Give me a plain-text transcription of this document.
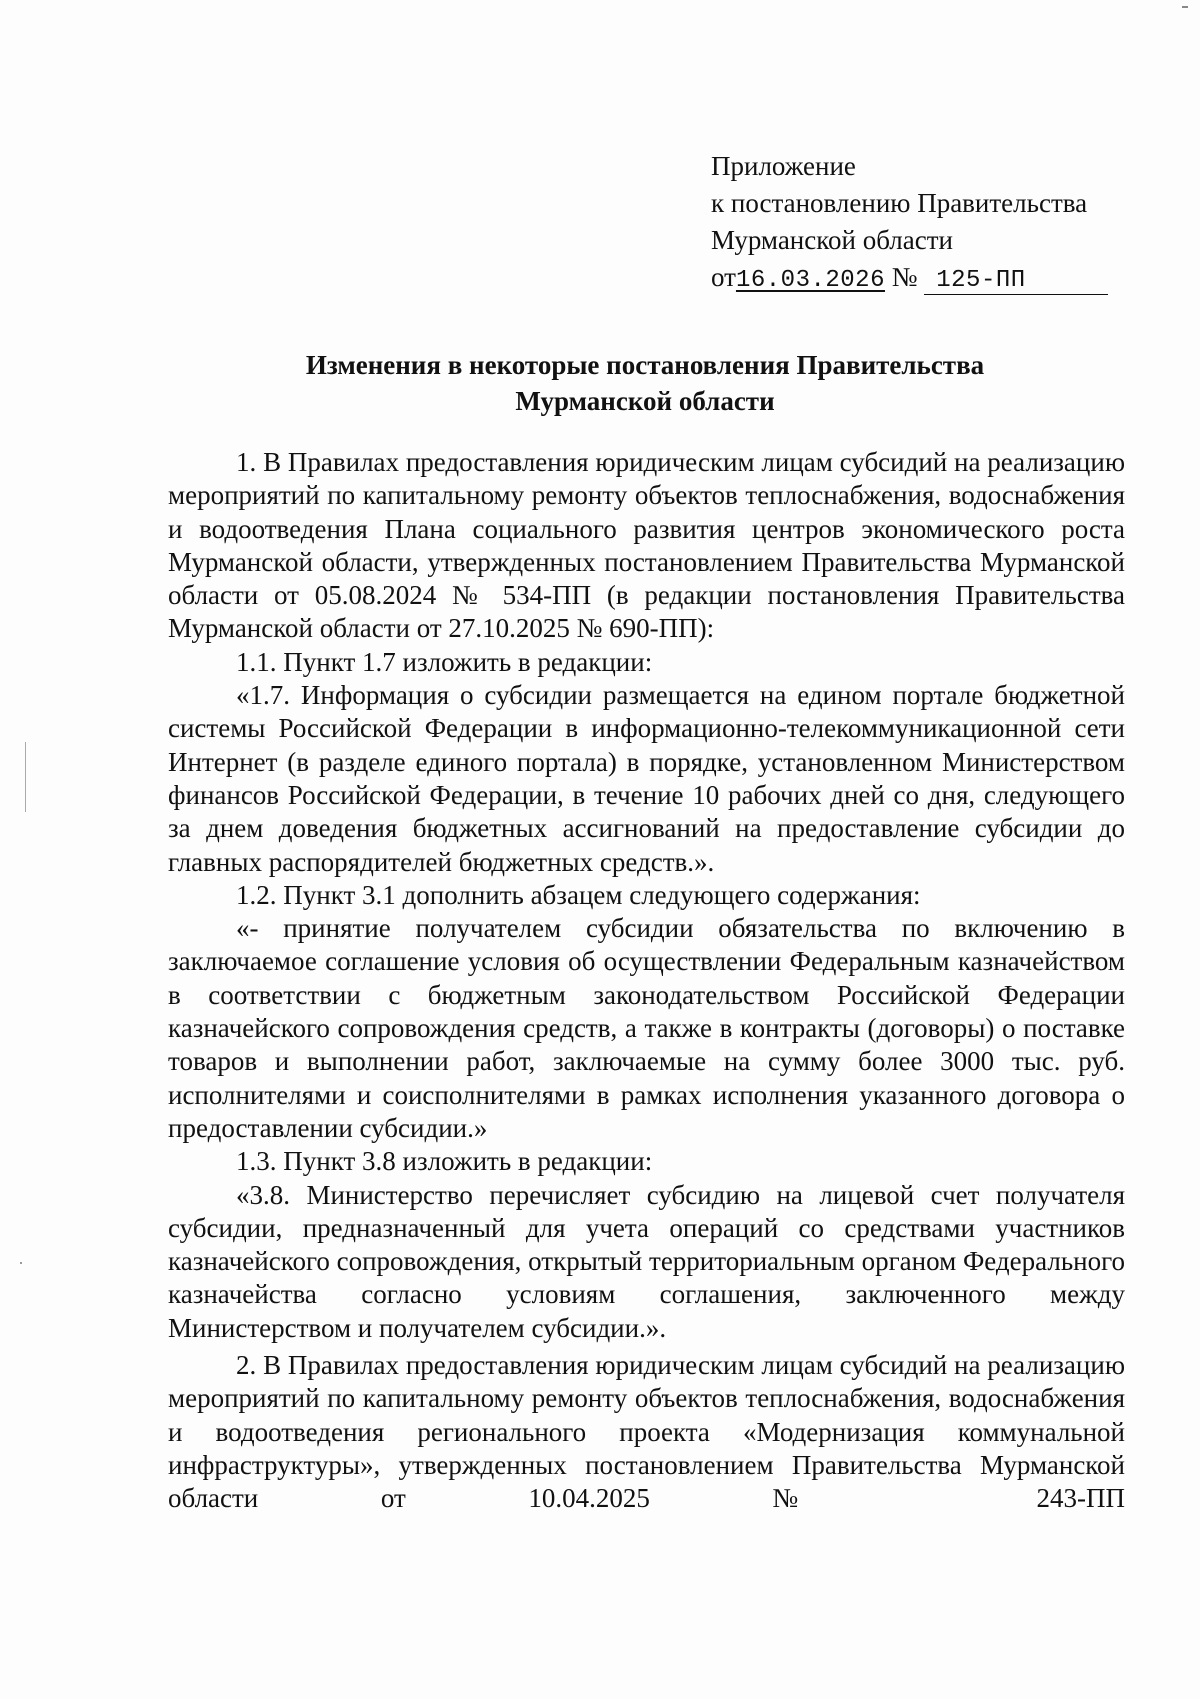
Приложение
к постановлению Правительства
Мурманской области
от16.03.2026 № 125-ПП
Изменения в некоторые постановления Правительства
Мурманской области

1. В Правилах предоставления юридическим лицам субсидий на реализацию мероприятий по капитальному ремонту объектов теплоснабжения, водоснабжения и водоотведения Плана социального развития центров экономического роста Мурманской области, утвержденных постановлением Правительства Мурманской области от 05.08.2024 № 534-ПП (в редакции постановления Правительства Мурманской области от 27.10.2025 № 690-ПП):

1.1. Пункт 1.7 изложить в редакции:

«1.7. Информация о субсидии размещается на едином портале бюджетной системы Российской Федерации в информационно-телекоммуникационной сети Интернет (в разделе единого портала) в порядке, установленном Министерством финансов Российской Федерации, в течение 10 рабочих дней со дня, следующего за днем доведения бюджетных ассигнований на предоставление субсидии до главных распорядителей бюджетных средств.».

1.2. Пункт 3.1 дополнить абзацем следующего содержания:

«- принятие получателем субсидии обязательства по включению в заключаемое соглашение условия об осуществлении Федеральным казначейством в соответствии с бюджетным законодательством Российской Федерации казначейского сопровождения средств, а также в контракты (договоры) о поставке товаров и выполнении работ, заключаемые на сумму более 3000 тыс. руб. исполнителями и соисполнителями в рамках исполнения указанного договора о предоставлении субсидии.»

1.3. Пункт 3.8 изложить в редакции:

«3.8. Министерство перечисляет субсидию на лицевой счет получателя субсидии, предназначенный для учета операций со средствами участников казначейского сопровождения, открытый территориальным органом Федерального казначейства согласно условиям соглашения, заключенного между Министерством и получателем субсидии.».

2. В Правилах предоставления юридическим лицам субсидий на реализацию мероприятий по капитальному ремонту объектов теплоснабжения, водоснабжения и водоотведения регионального проекта «Модернизация коммунальной инфраструктуры», утвержденных постановлением Правительства Мурманской области от 10.04.2025 № 243-ПП
